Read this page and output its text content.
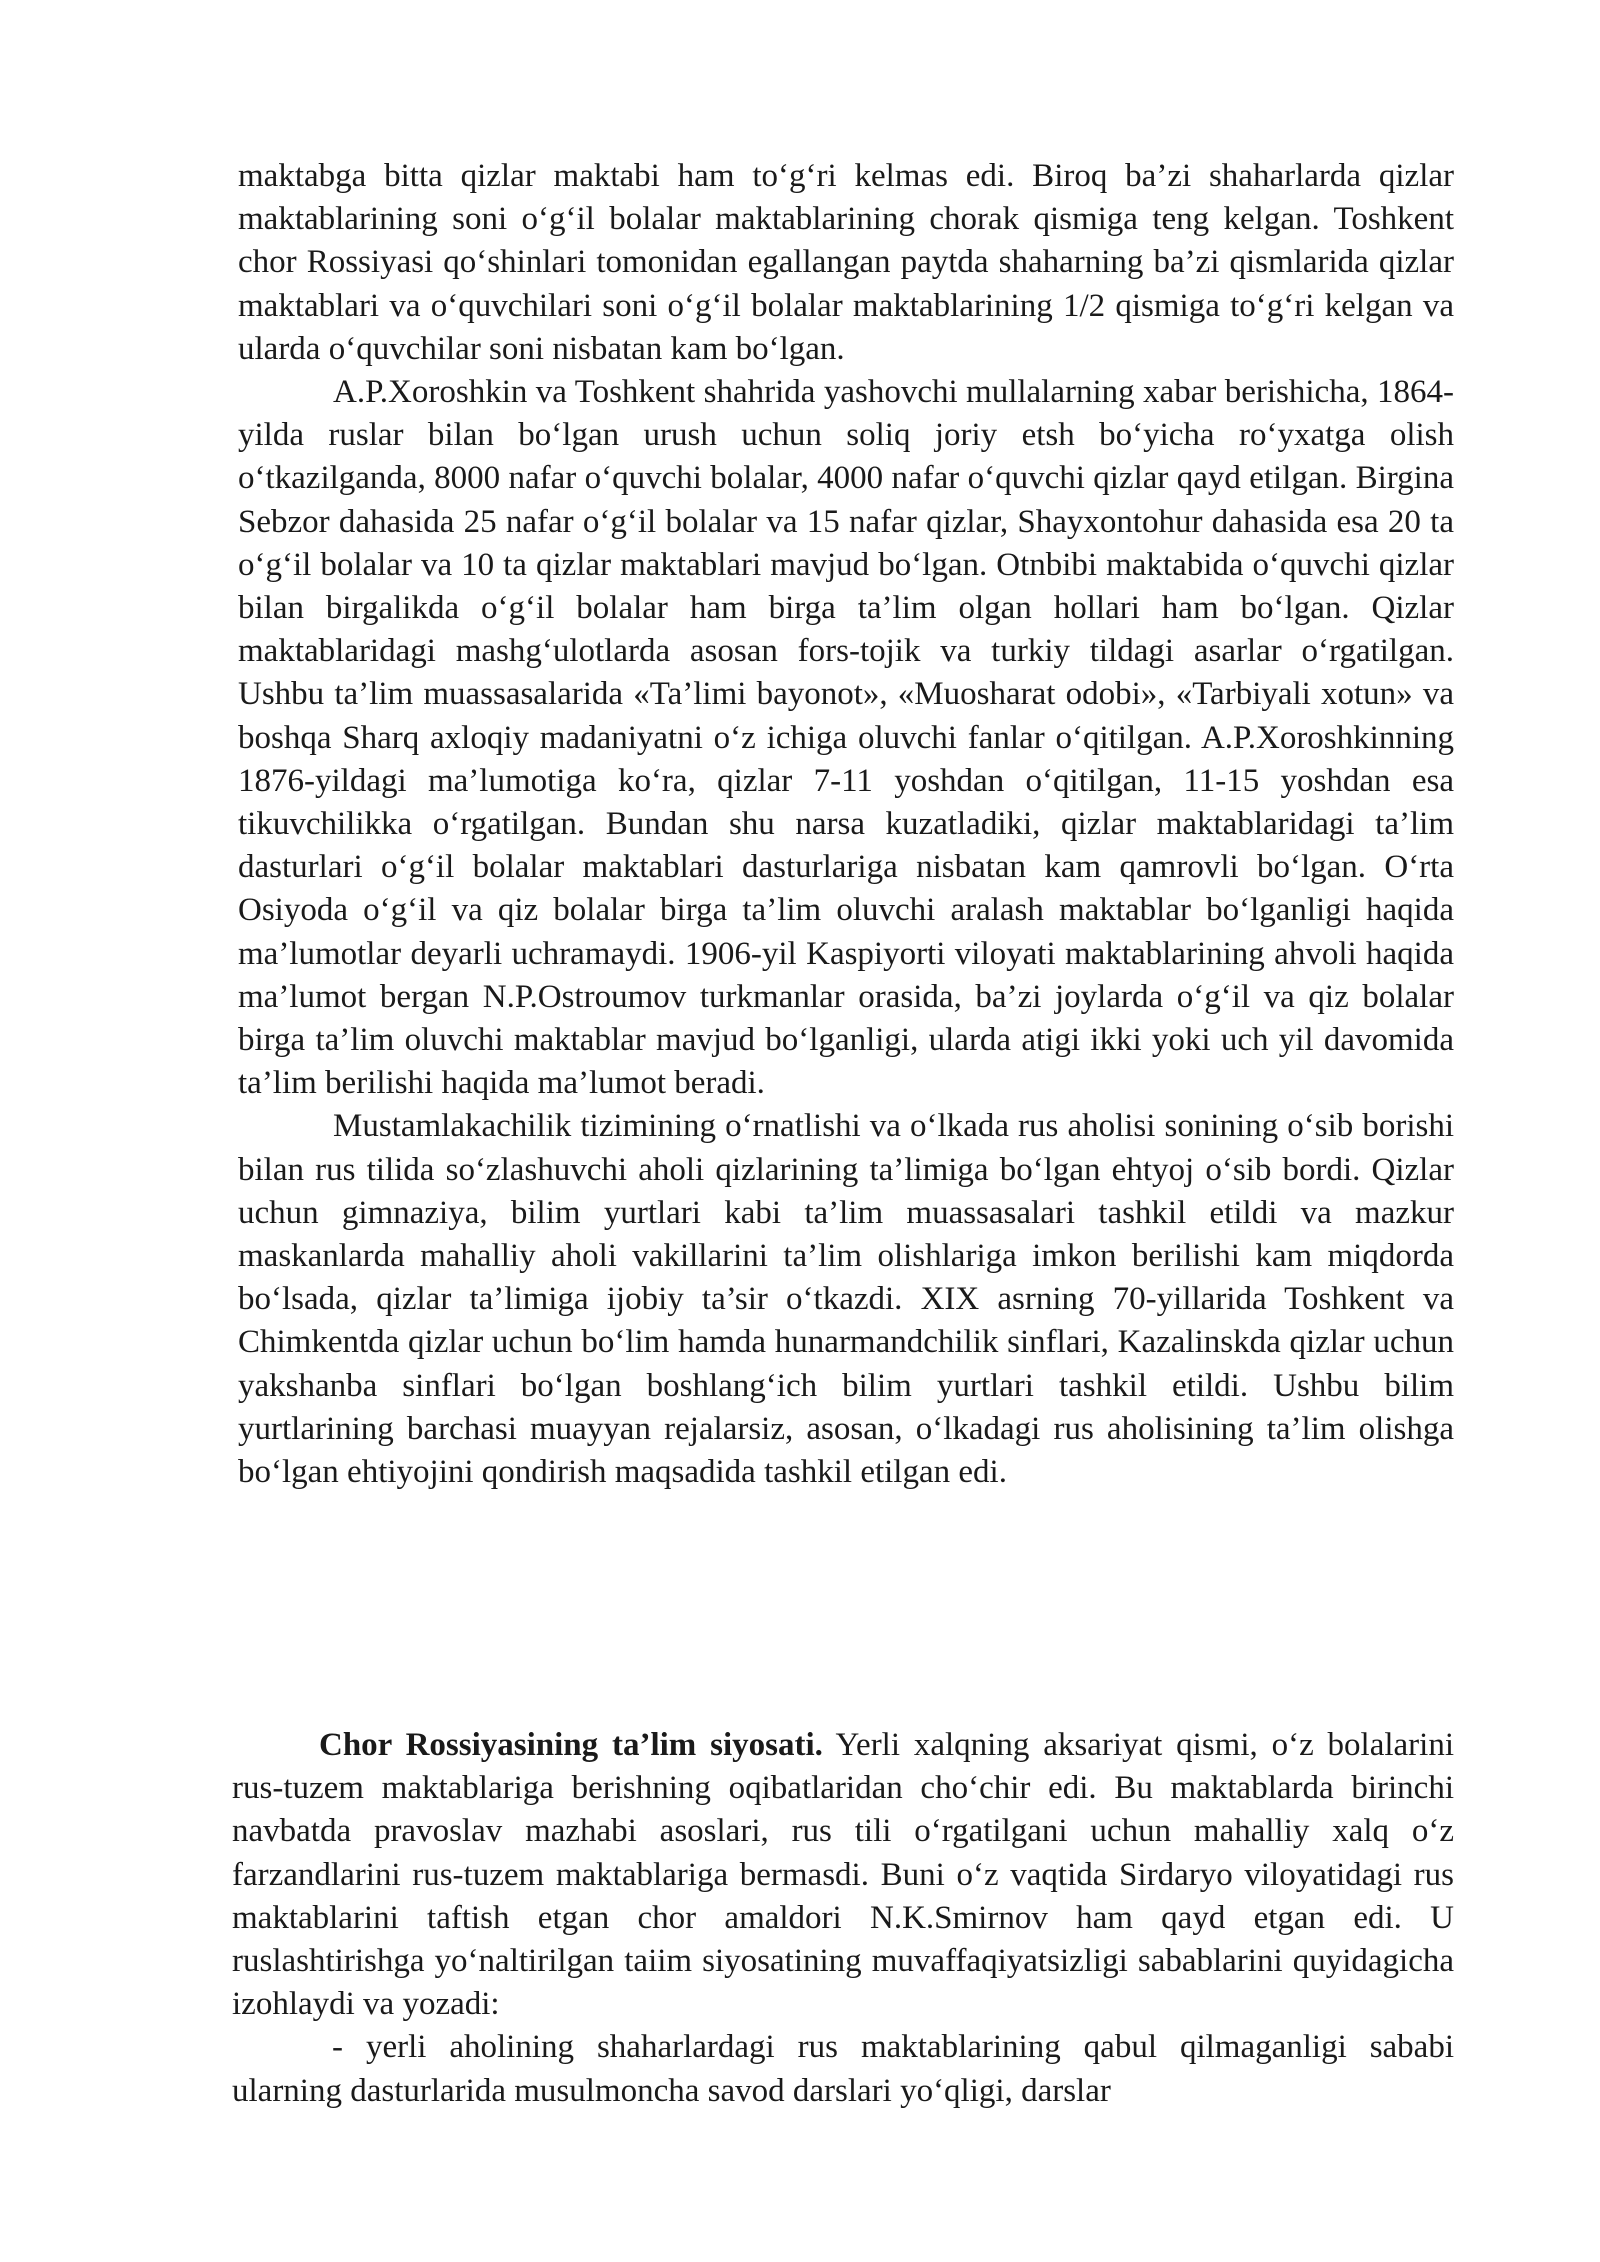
maktabga bitta qizlar maktabi ham to‘g‘ri kelmas edi. Biroq ba’zi shaharlarda qizlar maktablarining soni o‘g‘il bolalar maktablarining chorak qismiga teng kelgan. Toshkent chor Rossiyasi qo‘shinlari tomonidan egallangan paytda shaharning ba’zi qismlarida qizlar maktablari va o‘quvchilari soni o‘g‘il bolalar maktablarining 1/2 qismiga to‘g‘ri kelgan va ularda o‘quvchilar soni nisbatan kam bo‘lgan.

A.P.Xoroshkin va Toshkent shahrida yashovchi mullalarning xabar berishicha, 1864-yilda ruslar bilan bo‘lgan urush uchun soliq joriy etsh bo‘yicha ro‘yxatga olish o‘tkazilganda, 8000 nafar o‘quvchi bolalar, 4000 nafar o‘quvchi qizlar qayd etilgan. Birgina Sebzor dahasida 25 nafar o‘g‘il bolalar va 15 nafar qizlar, Shayxontohur dahasida esa 20 ta o‘g‘il bolalar va 10 ta qizlar maktablari mavjud bo‘lgan. Otnbibi maktabida o‘quvchi qizlar bilan birgalikda o‘g‘il bolalar ham birga ta’lim olgan hollari ham bo‘lgan. Qizlar maktablaridagi mashg‘ulotlarda asosan fors-tojik va turkiy tildagi asarlar o‘rgatilgan. Ushbu ta’lim muassasalarida «Ta’limi bayonot», «Muosharat odobi», «Tarbiyali xotun» va boshqa Sharq axloqiy madaniyatni o‘z ichiga oluvchi fanlar o‘qitilgan. A.P.Xoroshkinning 1876-yildagi ma’lumotiga ko‘ra, qizlar 7-11 yoshdan o‘qitilgan, 11-15 yoshdan esa tikuvchilikka o‘rgatilgan. Bundan shu narsa kuzatladiki, qizlar maktablaridagi ta’lim dasturlari o‘g‘il bolalar maktablari dasturlariga nisbatan kam qamrovli bo‘lgan. O‘rta Osiyoda o‘g‘il va qiz bolalar birga ta’lim oluvchi aralash maktablar bo‘lganligi haqida ma’lumotlar deyarli uchramaydi. 1906-yil Kaspiyorti viloyati maktablarining ahvoli haqida ma’lumot bergan N.P.Ostroumov turkmanlar orasida, ba’zi joylarda o‘g‘il va qiz bolalar birga ta’lim oluvchi maktablar mavjud bo‘lganligi, ularda atigi ikki yoki uch yil davomida ta’lim berilishi haqida ma’lumot beradi.

Mustamlakachilik tizimining o‘rnatlishi va o‘lkada rus aholisi sonining o‘sib borishi bilan rus tilida so‘zlashuvchi aholi qizlarining ta’limiga bo‘lgan ehtyoj o‘sib bordi. Qizlar uchun gimnaziya, bilim yurtlari kabi ta’lim muassasalari tashkil etildi va mazkur maskanlarda mahalliy aholi vakillarini ta’lim olishlariga imkon berilishi kam miqdorda bo‘lsada, qizlar ta’limiga ijobiy ta’sir o‘tkazdi. XIX asrning 70-yillarida Toshkent va Chimkentda qizlar uchun bo‘lim hamda hunarmandchilik sinflari, Kazalinskda qizlar uchun yakshanba sinflari bo‘lgan boshlang‘ich bilim yurtlari tashkil etildi. Ushbu bilim yurtlarining barchasi muayyan rejalarsiz, asosan, o‘lkadagi rus aholisining ta’lim olishga bo‘lgan ehtiyojini qondirish maqsadida tashkil etilgan edi.

Chor Rossiyasining ta’lim siyosati. Yerli xalqning aksariyat qismi, o‘z bolalarini rus-tuzem maktablariga berishning oqibatlaridan cho‘chir edi. Bu maktablarda birinchi navbatda pravoslav mazhabi asoslari, rus tili o‘rgatilgani uchun mahalliy xalq o‘z farzandlarini rus-tuzem maktablariga bermasdi. Buni o‘z vaqtida Sirdaryo viloyatidagi rus maktablarini taftish etgan chor amaldori N.K.Smirnov ham qayd etgan edi. U ruslashtirishga yo‘naltirilgan taiim siyosatining muvaffaqiyatsizligi sabablarini quyidagicha izohlaydi va yozadi:

- yerli aholining shaharlardagi rus maktablarining qabul qilmaganligi sababi ularning dasturlarida musulmoncha savod darslari yo‘qligi, darslar
